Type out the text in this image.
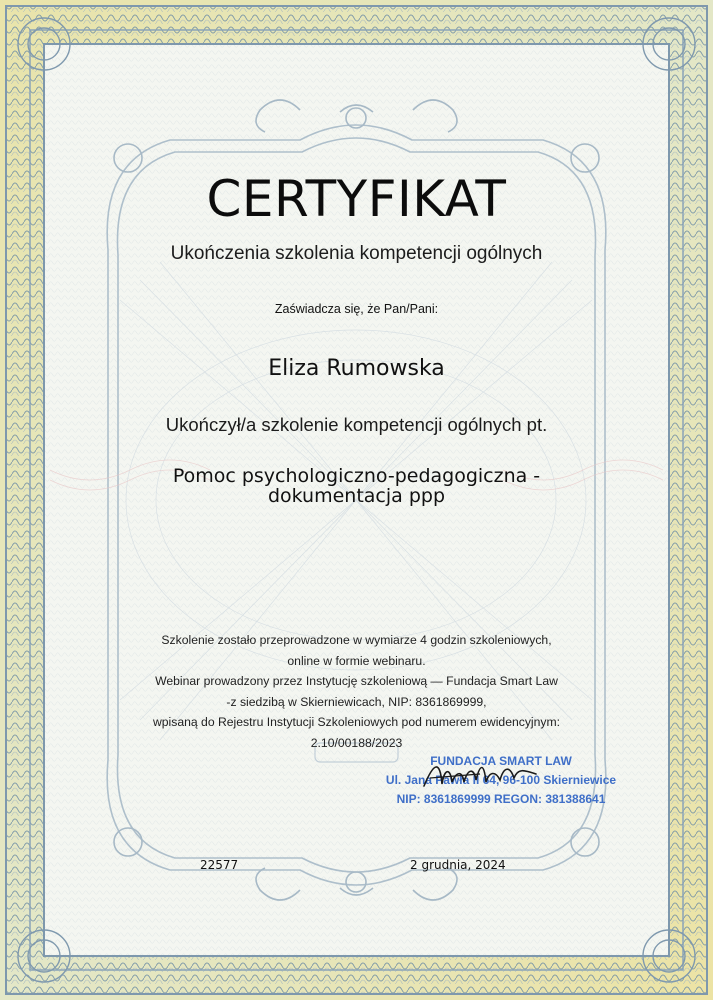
CERTYFIKAT
Ukończenia szkolenia kompetencji ogólnych
Zaświadcza się, że Pan/Pani:
Eliza Rumowska
Ukończył/a szkolenie kompetencji ogólnych pt.
Pomoc psychologiczno-pedagogiczna -
dokumentacja ppp
Szkolenie zostało przeprowadzone w wymiarze 4 godzin szkoleniowych,
online w formie webinaru.
Webinar prowadzony przez Instytucję szkoleniową — Fundacja Smart Law
-z siedzibą w Skierniewicach, NIP: 8361869999,
wpisaną do Rejestru Instytucji Szkoleniowych pod numerem ewidencyjnym:
2.10/00188/2023
FUNDACJA SMART LAW
Ul. Jana Pawła II 64, 96-100 Skierniewice
NIP: 8361869999 REGON: 381388641
22577	2 grudnia, 2024
